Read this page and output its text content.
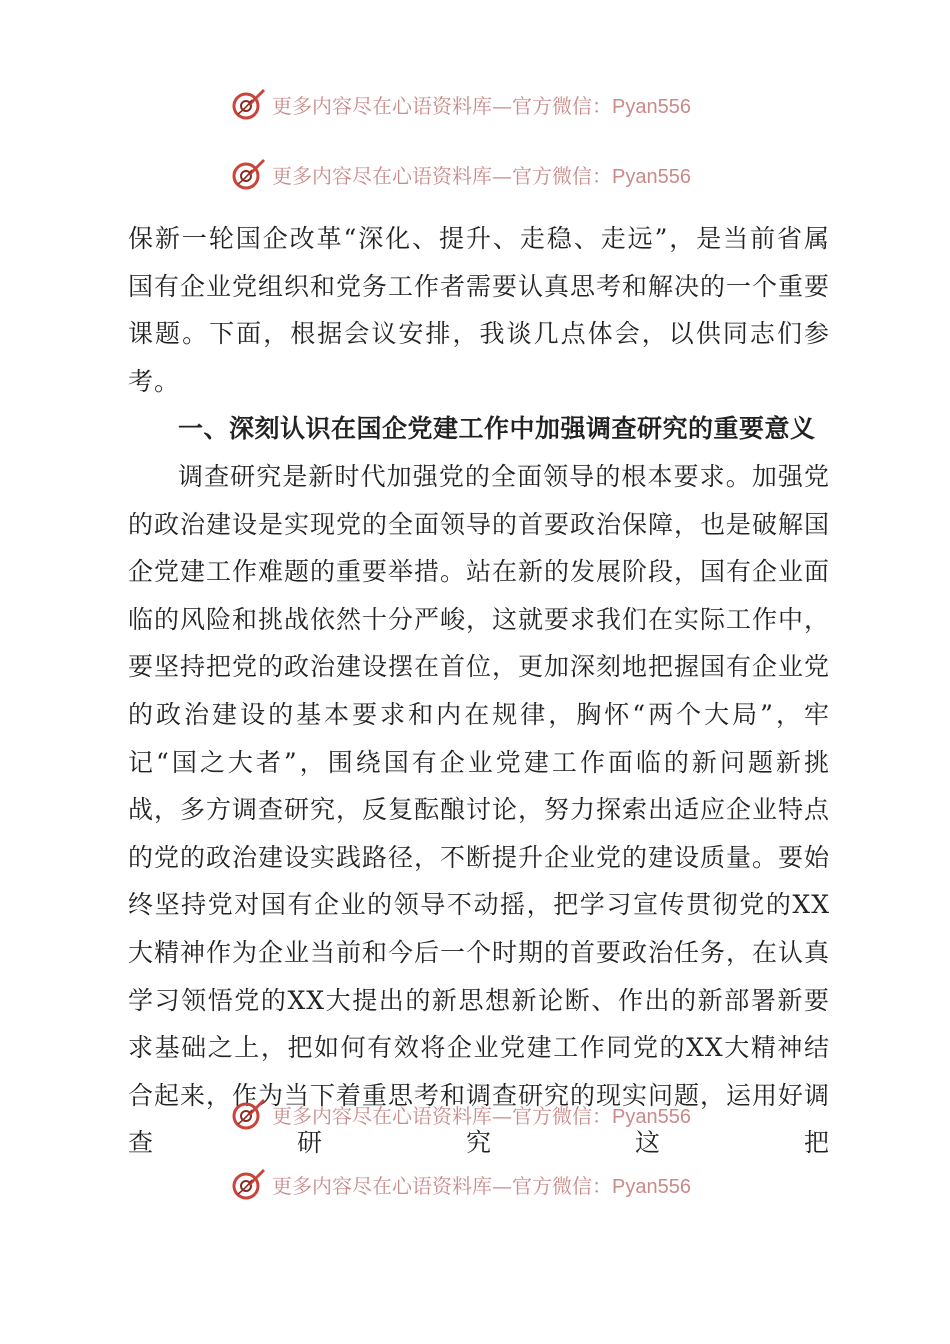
更多内容尽在心语资料库—官方微信：Pyan556
更多内容尽在心语资料库—官方微信：Pyan556

保新一轮国企改革“深化、提升、走稳、走远”，是当前省属国有企业党组织和党务工作者需要认真思考和解决的一个重要课题。下面，根据会议安排，我谈几点体会，以供同志们参考。

一、深刻认识在国企党建工作中加强调查研究的重要意义

调查研究是新时代加强党的全面领导的根本要求。加强党的政治建设是实现党的全面领导的首要政治保障，也是破解国企党建工作难题的重要举措。站在新的发展阶段，国有企业面临的风险和挑战依然十分严峻，这就要求我们在实际工作中，要坚持把党的政治建设摆在首位，更加深刻地把握国有企业党的政治建设的基本要求和内在规律，胸怀“两个大局”，牢记“国之大者”，围绕国有企业党建工作面临的新问题新挑战，多方调查研究，反复酝酿讨论，努力探索出适应企业特点的党的政治建设实践路径，不断提升企业党的建设质量。要始终坚持党对国有企业的领导不动摇，把学习宣传贯彻党的XX大精神作为企业当前和今后一个时期的首要政治任务，在认真学习领悟党的XX大提出的新思想新论断、作出的新部署新要求基础之上，把如何有效将企业党建工作同党的XX大精神结合起来，作为当下着重思考和调查研究的现实问题，运用好调查研究这把

更多内容尽在心语资料库—官方微信：Pyan556
更多内容尽在心语资料库—官方微信：Pyan556
